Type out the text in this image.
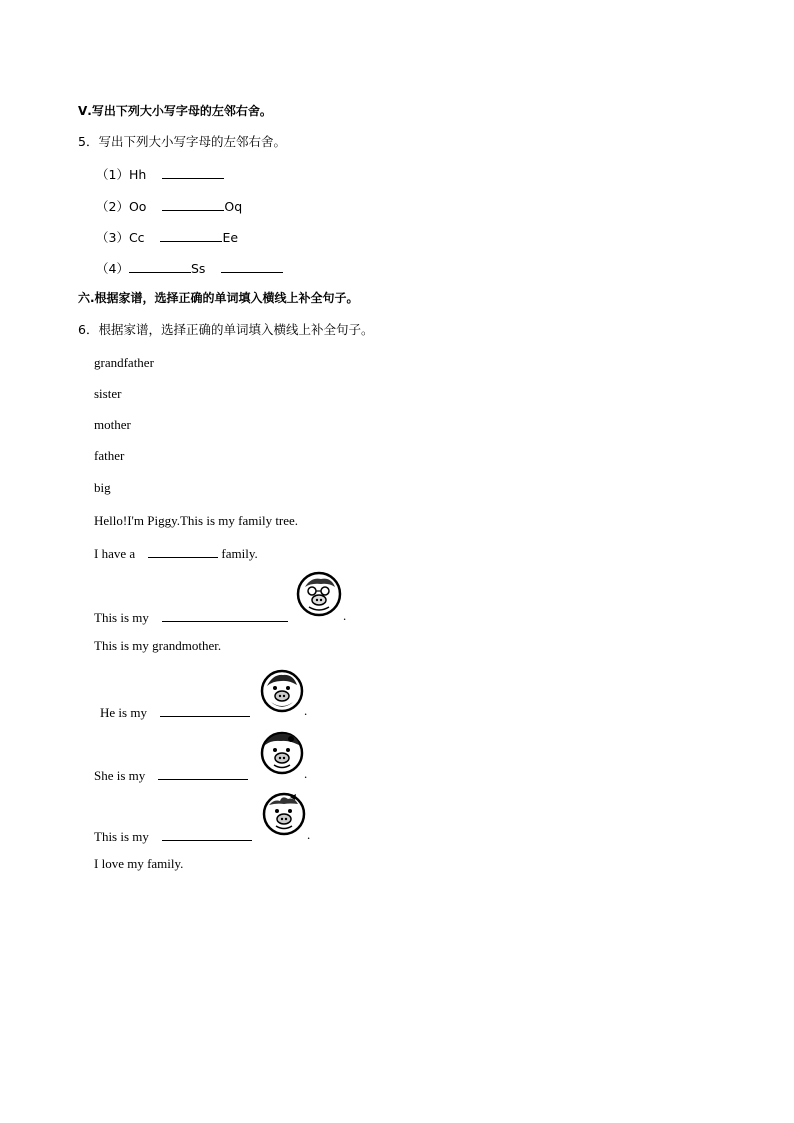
Ⅴ.写出下列大小写字母的左邻右舍。
5．写出下列大小写字母的左邻右舍。
（1）Hh
（2）Oo	Oq
（3）Cc	Ee
（4）	Ss
六.根据家谱，选择正确的单词填入横线上补全句子。
6．根据家谱，选择正确的单词填入横线上补全句子。
grandfather
sister
mother
father
big
Hello!I'm Piggy.This is my family tree.
I have a	family.
This is my	.
This is my grandmother.
He is my	.
She is my	.
This is my	.
I love my family.
